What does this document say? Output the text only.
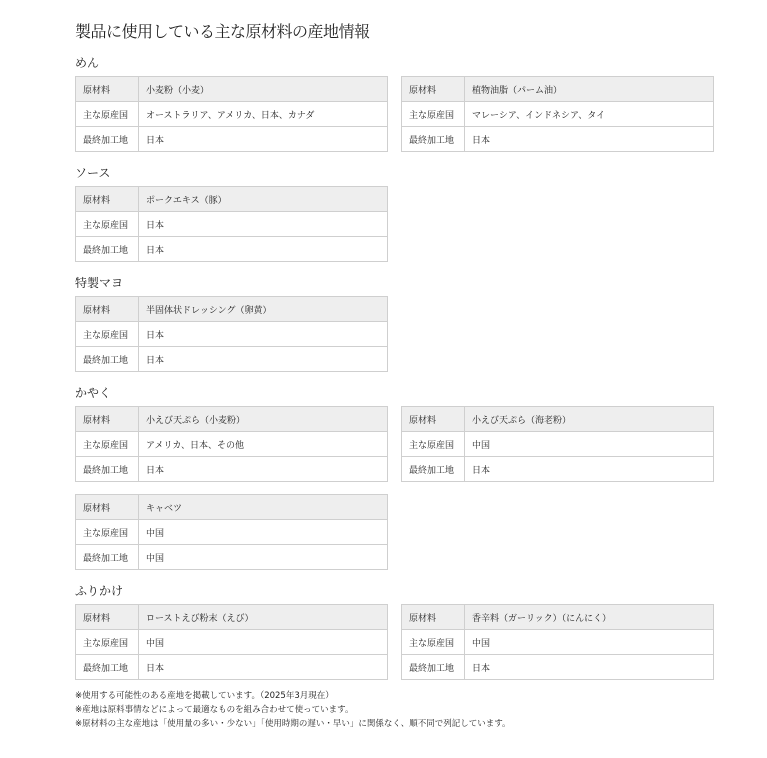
製品に使用している主な原材料の産地情報
めん
原材料	小麦粉（小麦）
主な原産国	オーストラリア、アメリカ、日本、カナダ
最終加工地	日本
原材料	植物油脂（パーム油）
主な原産国	マレーシア、インドネシア、タイ
最終加工地	日本
ソース
原材料	ポークエキス（豚）
主な原産国	日本
最終加工地	日本
特製マヨ
原材料	半固体状ドレッシング（卵黄）
主な原産国	日本
最終加工地	日本
かやく
原材料	小えび天ぷら（小麦粉）
主な原産国	アメリカ、日本、その他
最終加工地	日本
原材料	小えび天ぷら（海老粉）
主な原産国	中国
最終加工地	日本
原材料	キャベツ
主な原産国	中国
最終加工地	中国
ふりかけ
原材料	ローストえび粉末（えび）
主な原産国	中国
最終加工地	日本
原材料	香辛料（ガーリック）（にんにく）
主な原産国	中国
最終加工地	日本
※使用する可能性のある産地を掲載しています。（2025年3月現在）
※産地は原料事情などによって最適なものを組み合わせて使っています。
※原材料の主な産地は「使用量の多い・少ない」「使用時期の遅い・早い」に関係なく、順不同で列記しています。
